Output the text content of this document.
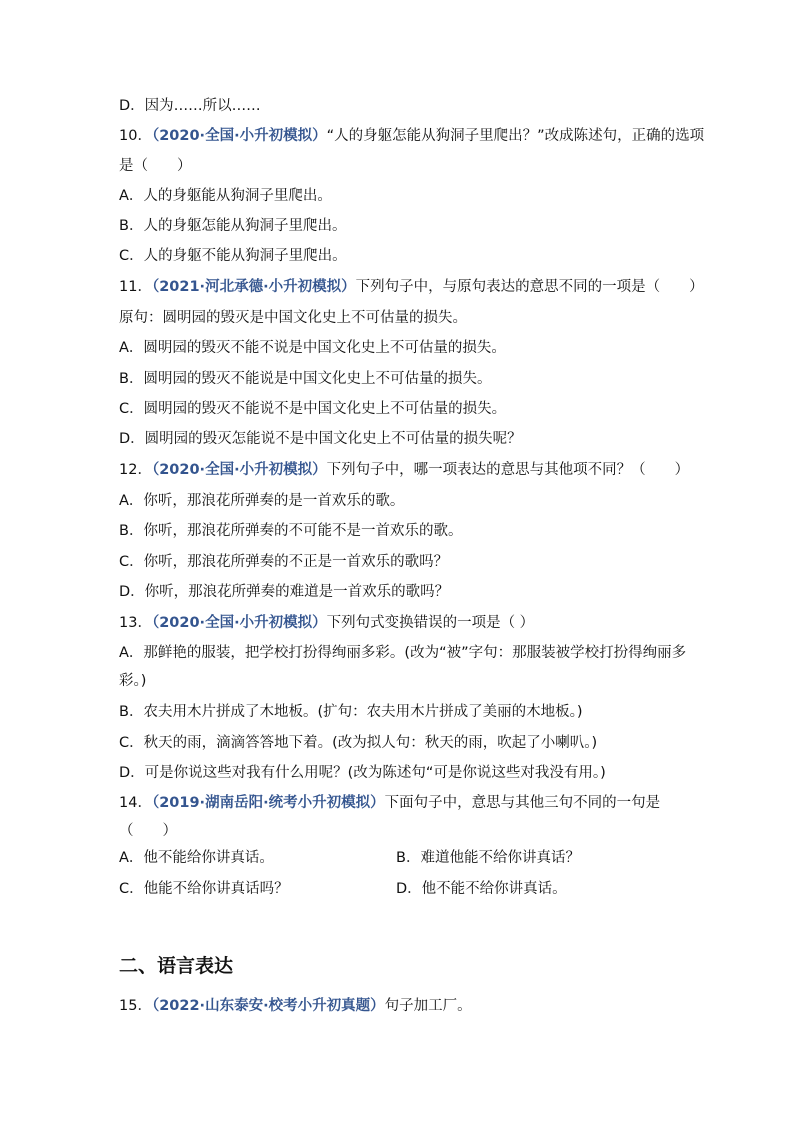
D．因为……所以……
10．（2020·全国·小升初模拟）“人的身躯怎能从狗洞子里爬出？”改成陈述句，正确的选项
是（　　）
A．人的身躯能从狗洞子里爬出。
B．人的身躯怎能从狗洞子里爬出。
C．人的身躯不能从狗洞子里爬出。
11．（2021·河北承德·小升初模拟）下列句子中，与原句表达的意思不同的一项是（　　）
原句：圆明园的毁灭是中国文化史上不可估量的损失。
A．圆明园的毁灭不能不说是中国文化史上不可估量的损失。
B．圆明园的毁灭不能说是中国文化史上不可估量的损失。
C．圆明园的毁灭不能说不是中国文化史上不可估量的损失。
D．圆明园的毁灭怎能说不是中国文化史上不可估量的损失呢？
12．（2020·全国·小升初模拟）下列句子中，哪一项表达的意思与其他项不同？（　　）
A．你听，那浪花所弹奏的是一首欢乐的歌。
B．你听，那浪花所弹奏的不可能不是一首欢乐的歌。
C．你听，那浪花所弹奏的不正是一首欢乐的歌吗？
D．你听，那浪花所弹奏的难道是一首欢乐的歌吗？
13．（2020·全国·小升初模拟）下列句式变换错误的一项是（ ）
A．那鲜艳的服装，把学校打扮得绚丽多彩。(改为“被”字句：那服装被学校打扮得绚丽多
彩。)
B．农夫用木片拼成了木地板。(扩句：农夫用木片拼成了美丽的木地板。)
C．秋天的雨，滴滴答答地下着。(改为拟人句：秋天的雨，吹起了小喇叭。)
D．可是你说这些对我有什么用呢？(改为陈述句“可是你说这些对我没有用。)
14．（2019·湖南岳阳·统考小升初模拟）下面句子中，意思与其他三句不同的一句是
（　　）
A．他不能给你讲真话。	B．难道他能不给你讲真话？
C．他能不给你讲真话吗？	D．他不能不给你讲真话。
二、语言表达
15．（2022·山东泰安·校考小升初真题）句子加工厂。
